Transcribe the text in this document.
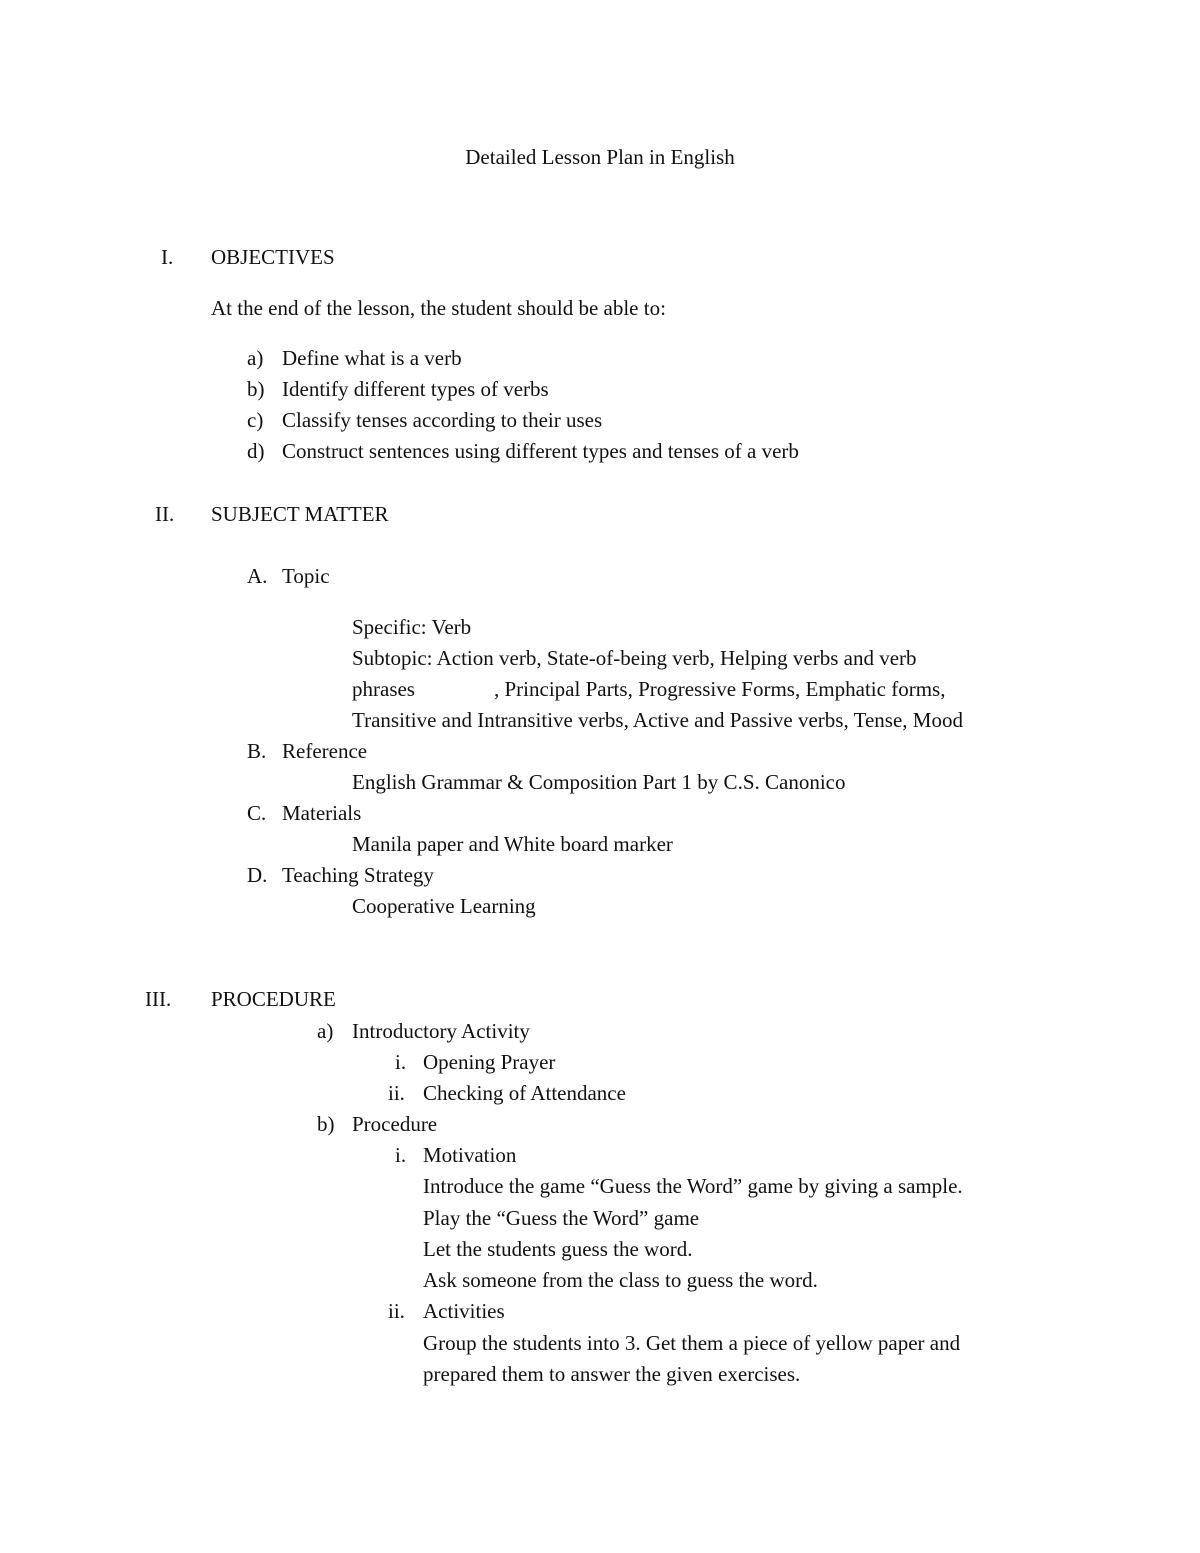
Detailed Lesson Plan in English
I. OBJECTIVES
At the end of the lesson, the student should be able to:
a) Define what is a verb
b) Identify different types of verbs
c) Classify tenses according to their uses
d) Construct sentences using different types and tenses of a verb
II. SUBJECT MATTER
A. Topic
Specific: Verb
Subtopic: Action verb, State-of-being verb, Helping verbs and verb
phrases	, Principal Parts, Progressive Forms, Emphatic forms,
Transitive and Intransitive verbs, Active and Passive verbs, Tense, Mood
B. Reference
English Grammar & Composition Part 1 by C.S. Canonico
C. Materials
Manila paper and White board marker
D. Teaching Strategy
Cooperative Learning
III. PROCEDURE
a) Introductory Activity
i. Opening Prayer
ii. Checking of Attendance
b) Procedure
i. Motivation
Introduce the game “Guess the Word” game by giving a sample.
Play the “Guess the Word” game
Let the students guess the word.
Ask someone from the class to guess the word.
ii. Activities
Group the students into 3. Get them a piece of yellow paper and
prepared them to answer the given exercises.
